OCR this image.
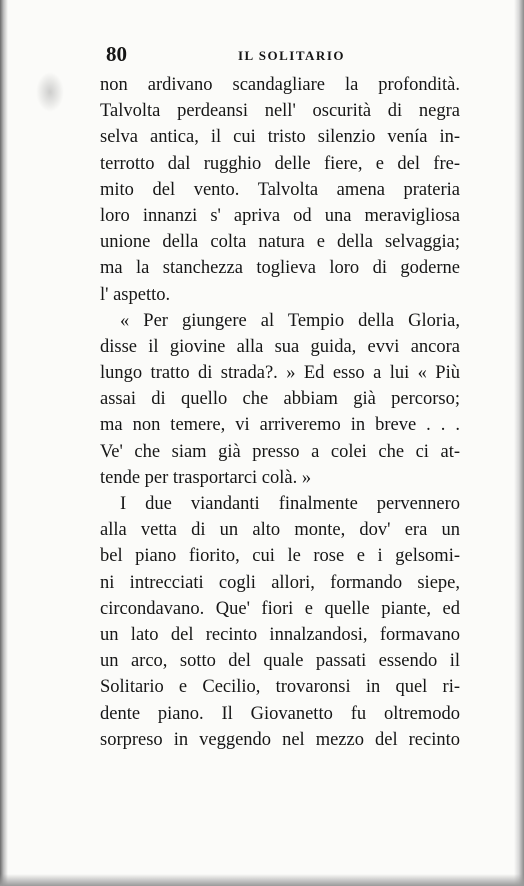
80	IL SOLITARIO
non ardivano scandagliare la profondità.
Talvolta perdeansi nell' oscurità di negra
selva antica, il cui tristo silenzio venía in-
terrotto dal rugghio delle fiere, e del fre-
mito del vento. Talvolta amena prateria
loro innanzi s' apriva od una meravigliosa
unione della colta natura e della selvaggia;
ma la stanchezza toglieva loro di goderne
l' aspetto.
« Per giungere al Tempio della Gloria,
disse il giovine alla sua guida, evvi ancora
lungo tratto di strada?. » Ed esso a lui « Più
assai di quello che abbiam già percorso;
ma non temere, vi arriveremo in breve . . .
Ve' che siam già presso a colei che ci at-
tende per trasportarci colà. »
I due viandanti finalmente pervennero
alla vetta di un alto monte, dov' era un
bel piano fiorito, cui le rose e i gelsomi-
ni intrecciati cogli allori, formando siepe,
circondavano. Que' fiori e quelle piante, ed
un lato del recinto innalzandosi, formavano
un arco, sotto del quale passati essendo il
Solitario e Cecilio, trovaronsi in quel ri-
dente piano. Il Giovanetto fu oltremodo
sorpreso in veggendo nel mezzo del recinto
